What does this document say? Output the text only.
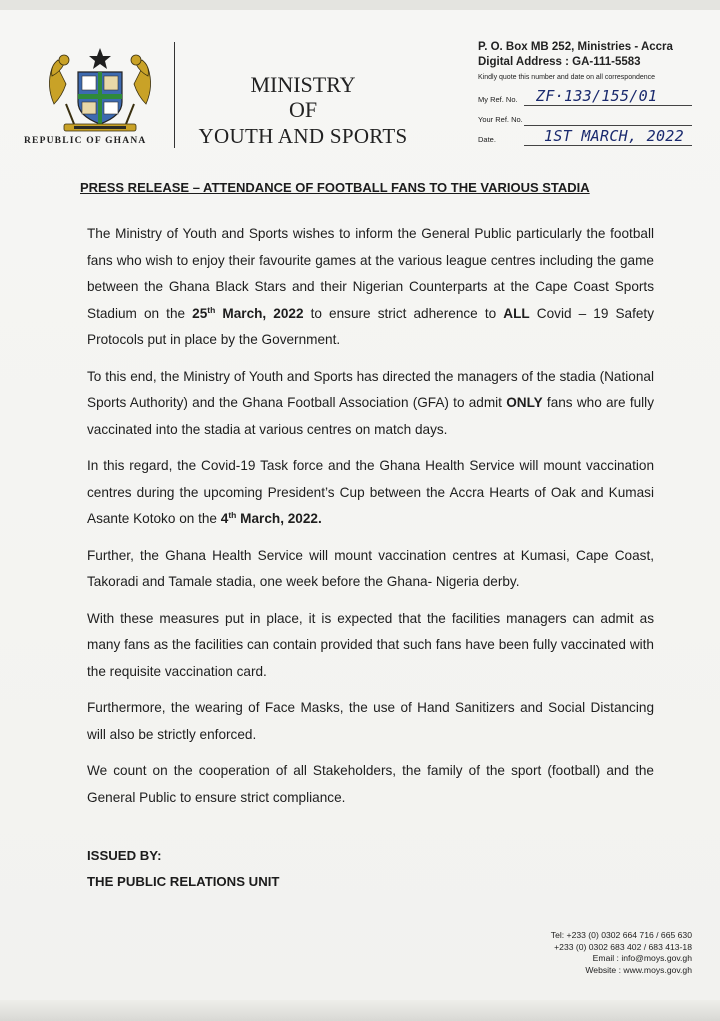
REPUBLIC OF GHANA
MINISTRY
OF
YOUTH AND SPORTS
P. O. Box MB 252, Ministries - Accra
Digital Address : GA-111-5583
Kindly quote this number and date on all correspondence
My Ref. No.	ZF·133/155/01
Your Ref. No.
Date.	1ST MARCH, 2022
PRESS RELEASE – ATTENDANCE OF FOOTBALL FANS TO THE VARIOUS STADIA

The Ministry of Youth and Sports wishes to inform the General Public particularly the football fans who wish to enjoy their favourite games at the various league centres including the game between the Ghana Black Stars and their Nigerian Counterparts at the Cape Coast Sports Stadium on the 25th March, 2022 to ensure strict adherence to ALL Covid – 19 Safety Protocols put in place by the Government.

To this end, the Ministry of Youth and Sports has directed the managers of the stadia (National Sports Authority) and the Ghana Football Association (GFA) to admit ONLY fans who are fully vaccinated into the stadia at various centres on match days.

In this regard, the Covid-19 Task force and the Ghana Health Service will mount vaccination centres during the upcoming President’s Cup between the Accra Hearts of Oak and Kumasi Asante Kotoko on the 4th March, 2022.

Further, the Ghana Health Service will mount vaccination centres at Kumasi, Cape Coast, Takoradi and Tamale stadia, one week before the Ghana- Nigeria derby.

With these measures put in place, it is expected that the facilities managers can admit as many fans as the facilities can contain provided that such fans have been fully vaccinated with the requisite vaccination card.

Furthermore, the wearing of Face Masks, the use of Hand Sanitizers and Social Distancing will also be strictly enforced.

We count on the cooperation of all Stakeholders, the family of the sport (football) and the General Public to ensure strict compliance.

ISSUED BY:
THE PUBLIC RELATIONS UNIT
Tel: +233 (0) 0302 664 716 / 665 630
+233 (0) 0302 683 402 / 683 413-18
Email : info@moys.gov.gh
Website : www.moys.gov.gh
